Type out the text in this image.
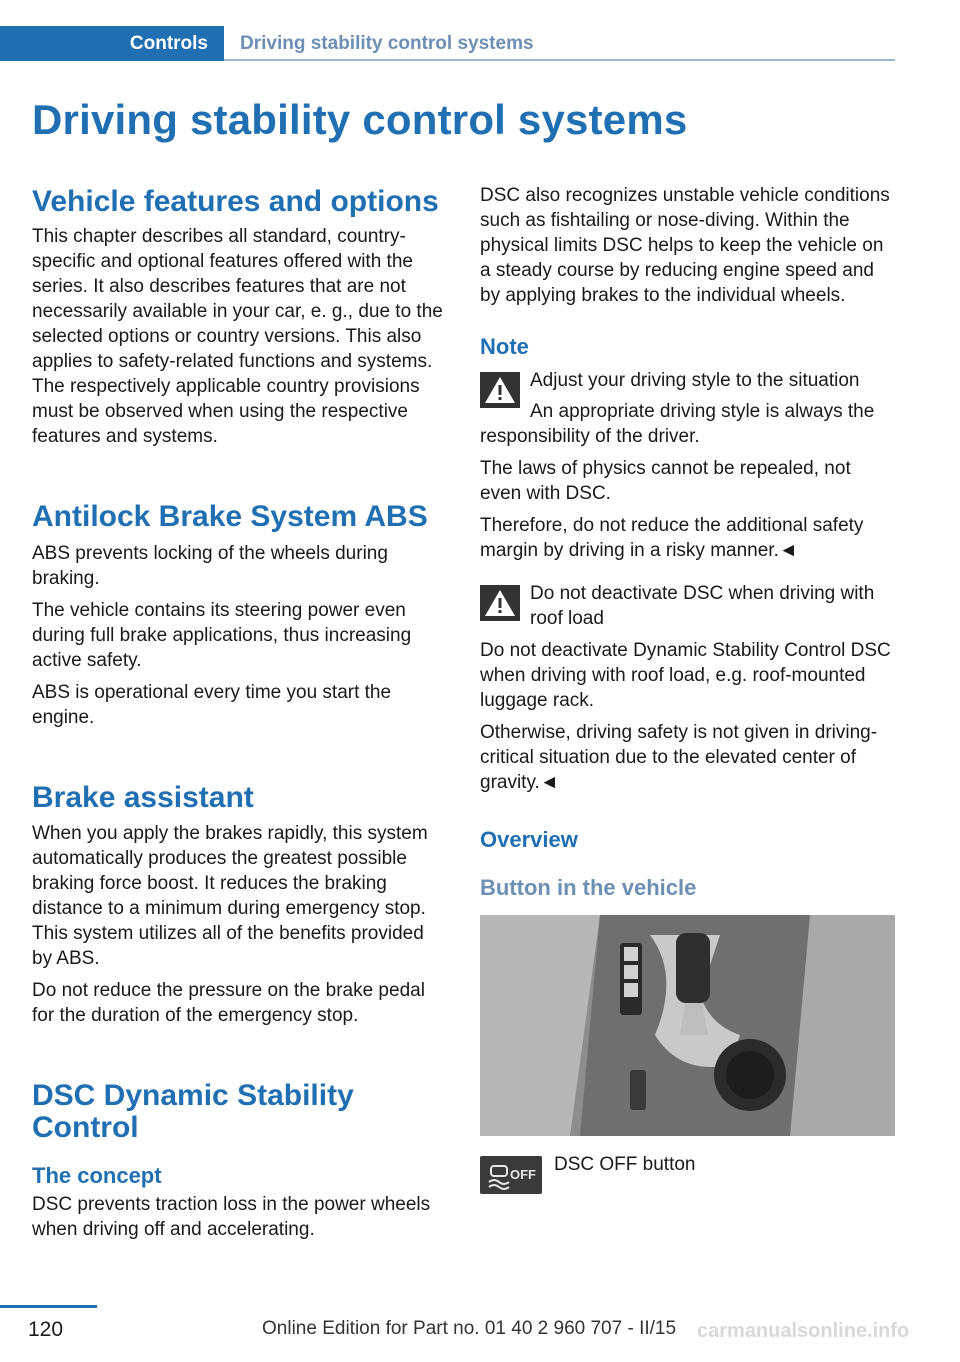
Controls	Driving stability control systems
Driving stability control systems
Vehicle features and options

This chapter describes all standard, country-specific and optional features offered with the series. It also describes features that are not necessarily available in your car, e. g., due to the selected options or country versions. This also applies to safety-related functions and systems. The respectively applicable country provisions must be observed when using the respective features and systems.

Antilock Brake System ABS

ABS prevents locking of the wheels during braking.

The vehicle contains its steering power even during full brake applications, thus increasing active safety.

ABS is operational every time you start the engine.

Brake assistant

When you apply the brakes rapidly, this system automatically produces the greatest possible braking force boost. It reduces the braking distance to a minimum during emergency stop. This system utilizes all of the benefits provided by ABS.

Do not reduce the pressure on the brake pedal for the duration of the emergency stop.

DSC Dynamic Stability Control
The concept

DSC prevents traction loss in the power wheels when driving off and accelerating.

DSC also recognizes unstable vehicle conditions such as fishtailing or nose-diving. Within the physical limits DSC helps to keep the vehicle on a steady course by reducing engine speed and by applying brakes to the individual wheels.

Note
Adjust your driving style to the situation

An appropriate driving style is always the responsibility of the driver.

The laws of physics cannot be repealed, not even with DSC.

Therefore, do not reduce the additional safety margin by driving in a risky manner.◄

Do not deactivate DSC when driving with roof load

Do not deactivate Dynamic Stability Control DSC when driving with roof load, e.g. roof-mounted luggage rack.

Otherwise, driving safety is not given in driving-critical situation due to the elevated center of gravity.◄

Overview
Button in the vehicle
OFF DSC OFF button

120	Online Edition for Part no. 01 40 2 960 707 - II/15 carmanualsonline.info
